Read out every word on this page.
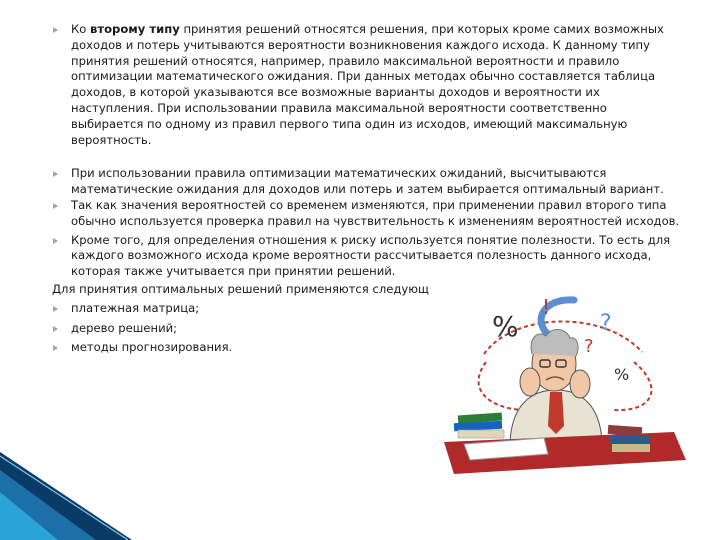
Ко второму типу принятия решений относятся решения, при которых кроме самих возможных доходов и потерь учитываются вероятности возникновения каждого исхода. К данному типу принятия решений относятся, например, правило максимальной вероятности и правило оптимизации математического ожидания. При данных методах обычно составляется таблица доходов, в которой указываются все возможные варианты доходов и вероятности их наступления. При использовании правила максимальной вероятности соответственно выбирается по одному из правил первого типа один из исходов, имеющий максимальную вероятность.

При использовании правила оптимизации математических ожиданий, высчитываются математические ожидания для доходов или потерь и затем выбирается оптимальный вариант.

Так как значения вероятностей со временем изменяются, при применении правил второго типа обычно используется проверка правил на чувствительность к изменениям вероятностей исходов.

Кроме того, для определения отношения к риску используется понятие полезности. То есть для каждого возможного исхода кроме вероятности рассчитывается полезность данного исхода, которая также учитывается при принятии решений.

Для принятия оптимальных решений применяются следующ

платежная матрица;

дерево решений;

методы прогнозирования.

%
%
?
?
!
